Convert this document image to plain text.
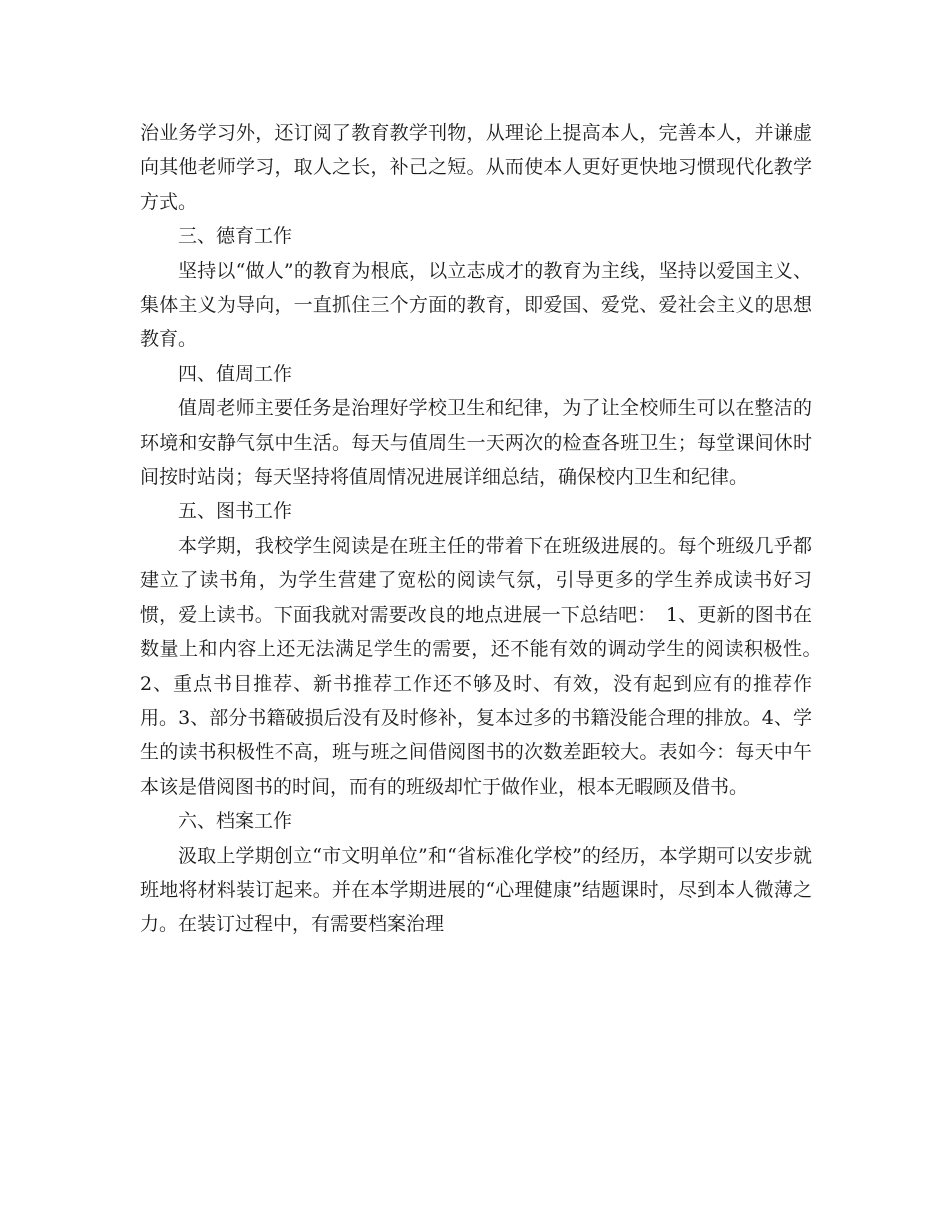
治业务学习外，还订阅了教育教学刊物，从理论上提高本人，完善本人，并谦虚向其他老师学习，取人之长，补己之短。从而使本人更好更快地习惯现代化教学方式。

三、德育工作

坚持以“做人”的教育为根底，以立志成才的教育为主线，坚持以爱国主义、集体主义为导向，一直抓住三个方面的教育，即爱国、爱党、爱社会主义的思想教育。

四、值周工作

值周老师主要任务是治理好学校卫生和纪律，为了让全校师生可以在整洁的环境和安静气氛中生活。每天与值周生一天两次的检查各班卫生；每堂课间休时间按时站岗；每天坚持将值周情况进展详细总结，确保校内卫生和纪律。

五、图书工作

本学期，我校学生阅读是在班主任的带着下在班级进展的。每个班级几乎都建立了读书角，为学生营建了宽松的阅读气氛，引导更多的学生养成读书好习惯，爱上读书。下面我就对需要改良的地点进展一下总结吧：　1、更新的图书在数量上和内容上还无法满足学生的需要，还不能有效的调动学生的阅读积极性。　2、重点书目推荐、新书推荐工作还不够及时、有效，没有起到应有的推荐作用。3、部分书籍破损后没有及时修补，复本过多的书籍没能合理的排放。4、学生的读书积极性不高，班与班之间借阅图书的次数差距较大。表如今：每天中午本该是借阅图书的时间，而有的班级却忙于做作业，根本无暇顾及借书。

六、档案工作

汲取上学期创立“市文明单位”和“省标准化学校”的经历，本学期可以安步就班地将材料装订起来。并在本学期进展的“心理健康”结题课时，尽到本人微薄之力。在装订过程中，有需要档案治理
